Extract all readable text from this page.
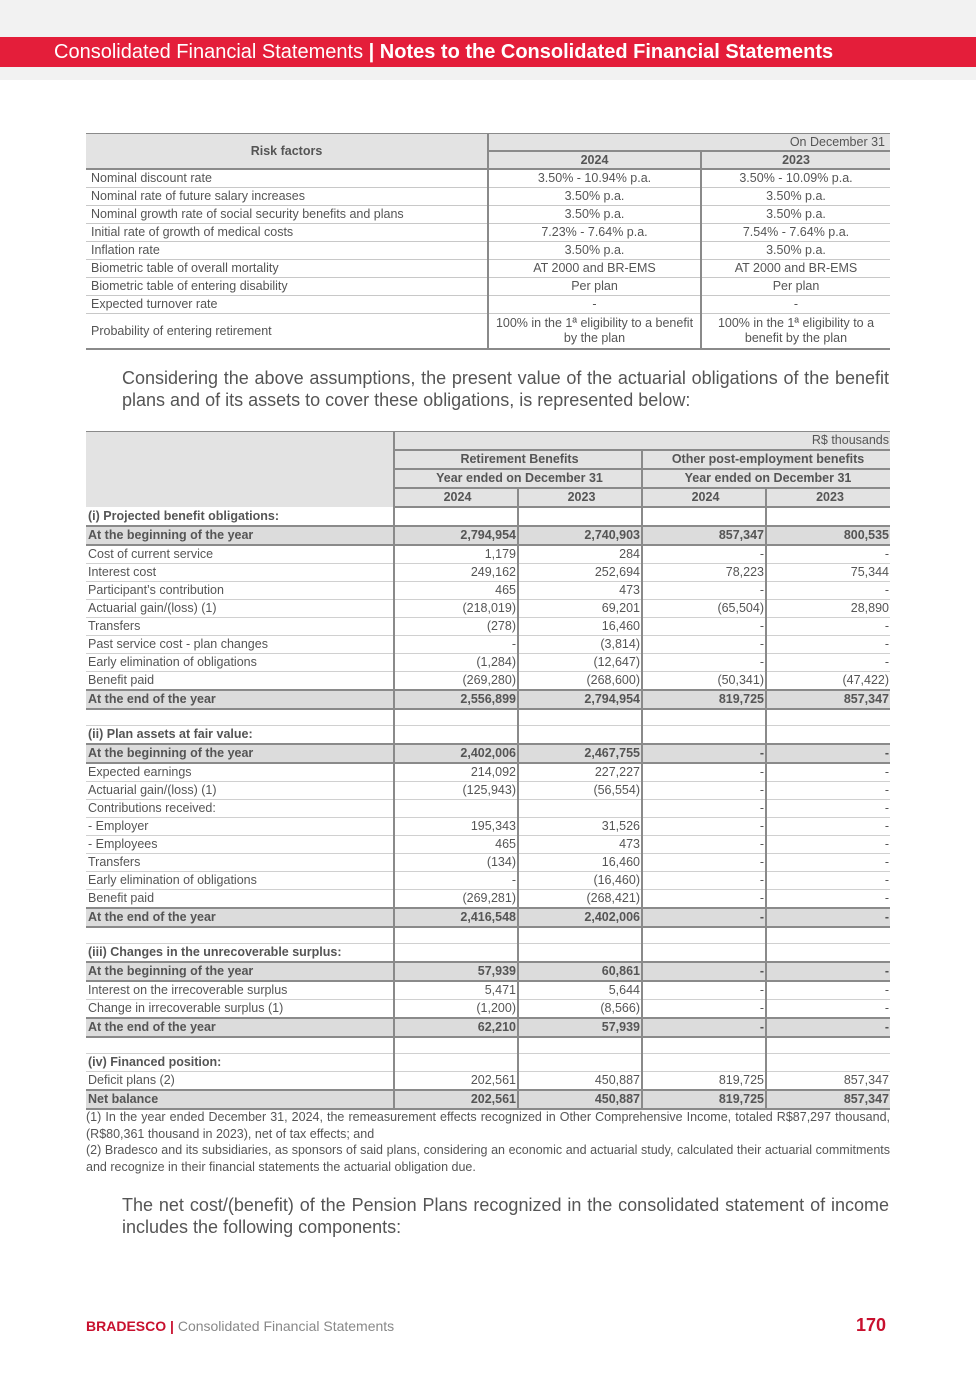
Consolidated Financial Statements | Notes to the Consolidated Financial Statements
Risk factors	On December 31	
	2024	2023
Nominal discount rate	3.50% - 10.94% p.a.	3.50% - 10.09% p.a.
Nominal rate of future salary increases	3.50% p.a.	3.50% p.a.
Nominal growth rate of social security benefits and plans	3.50% p.a.	3.50% p.a.
Initial rate of growth of medical costs	7.23% - 7.64% p.a.	7.54% - 7.64% p.a.
Inflation rate	3.50% p.a.	3.50% p.a.
Biometric table of overall mortality	AT 2000 and BR-EMS	AT 2000 and BR-EMS
Biometric table of entering disability	Per plan	Per plan
Expected turnover rate	-	-
Probability of entering retirement	100% in the 1ª eligibility to a benefit by the plan	100% in the 1ª eligibility to a benefit by the plan
Considering the above assumptions, the present value of the actuarial obligations of the benefit plans and of its assets to cover these obligations, is represented below:
	R$ thousands			
	Retirement Benefits		Other post-employment benefits	
	Year ended on December 31		Year ended on December 31	
	2024	2023	2024	2023
(i) Projected benefit obligations:				
At the beginning of the year	2,794,954	2,740,903	857,347	800,535
Cost of current service	1,179	284	-	-
Interest cost	249,162	252,694	78,223	75,344
Participant’s contribution	465	473	-	-
Actuarial gain/(loss) (1)	(218,019)	69,201	(65,504)	28,890
Transfers	(278)	16,460	-	-
Past service cost - plan changes	-	(3,814)	-	-
Early elimination of obligations	(1,284)	(12,647)	-	-
Benefit paid	(269,280)	(268,600)	(50,341)	(47,422)
At the end of the year	2,556,899	2,794,954	819,725	857,347

(ii) Plan assets at fair value:				
At the beginning of the year	2,402,006	2,467,755	-	-
Expected earnings	214,092	227,227	-	-
Actuarial gain/(loss) (1)	(125,943)	(56,554)	-	-
Contributions received:			-	-
- Employer	195,343	31,526	-	-
- Employees	465	473	-	-
Transfers	(134)	16,460	-	-
Early elimination of obligations	-	(16,460)	-	-
Benefit paid	(269,281)	(268,421)	-	-
At the end of the year	2,416,548	2,402,006	-	-

(iii) Changes in the unrecoverable surplus:				
At the beginning of the year	57,939	60,861	-	-
Interest on the irrecoverable surplus	5,471	5,644	-	-
Change in irrecoverable surplus (1)	(1,200)	(8,566)	-	-
At the end of the year	62,210	57,939	-	-

(iv) Financed position:				
Deficit plans (2)	202,561	450,887	819,725	857,347
Net balance	202,561	450,887	819,725	857,347
(1) In the year ended December 31, 2024, the remeasurement effects recognized in Other Comprehensive Income, totaled R$87,297 thousand, (R$80,361 thousand in 2023), net of tax effects; and
(2) Bradesco and its subsidiaries, as sponsors of said plans, considering an economic and actuarial study, calculated their actuarial commitments and recognize in their financial statements the actuarial obligation due.
The net cost/(benefit) of the Pension Plans recognized in the consolidated statement of income includes the following components:
BRADESCO | Consolidated Financial Statements	170
